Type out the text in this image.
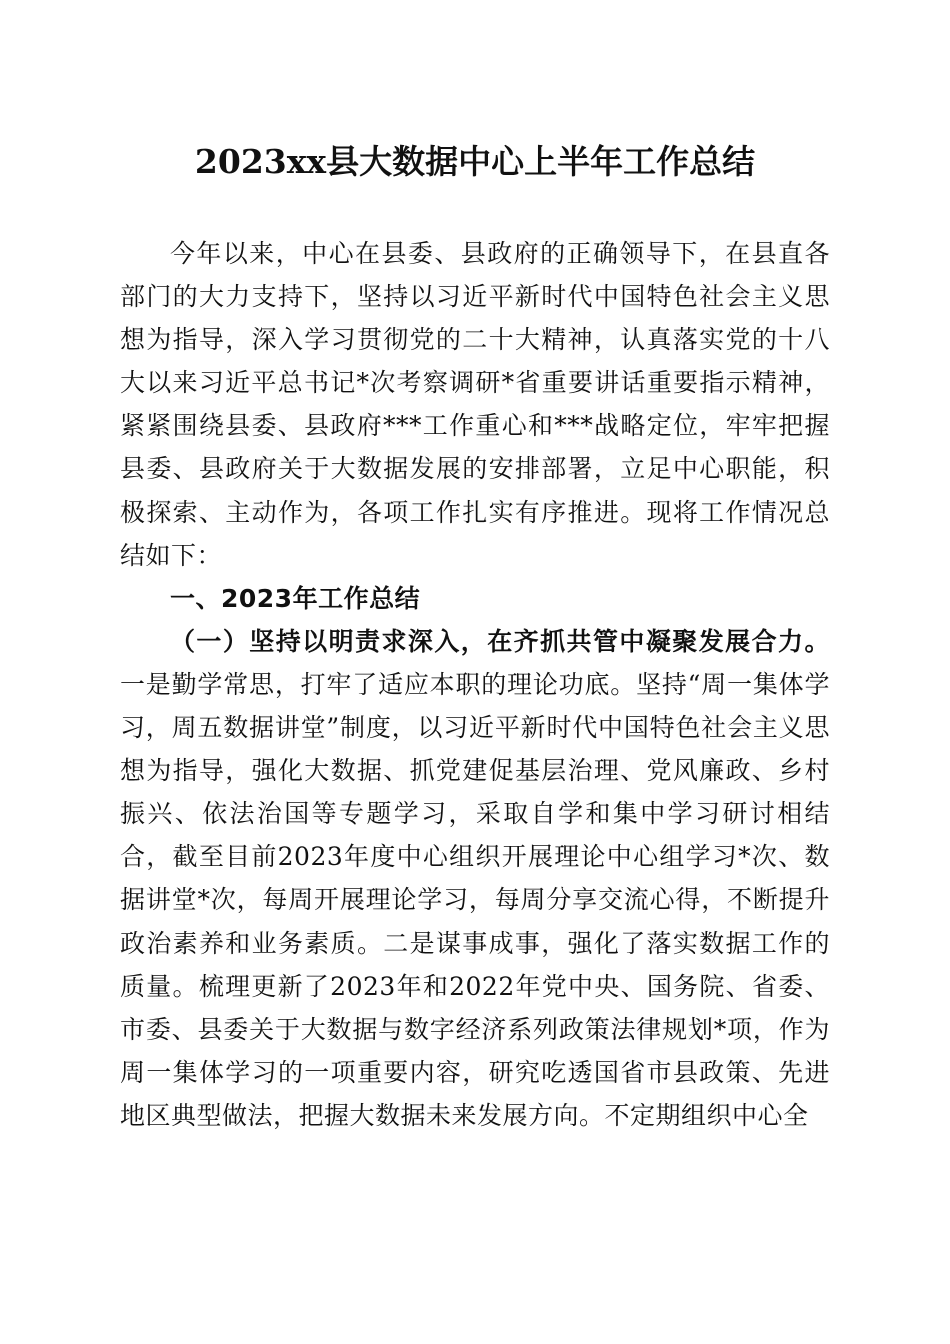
2023xx县大数据中心上半年工作总结

今年以来，中心在县委、县政府的正确领导下，在县直各部门的大力支持下，坚持以习近平新时代中国特色社会主义思想为指导，深入学习贯彻党的二十大精神，认真落实党的十八大以来习近平总书记*次考察调研*省重要讲话重要指示精神，紧紧围绕县委、县政府***工作重心和***战略定位，牢牢把握县委、县政府关于大数据发展的安排部署，立足中心职能，积极探索、主动作为，各项工作扎实有序推进。现将工作情况总结如下：

一、2023年工作总结

（一）坚持以明责求深入，在齐抓共管中凝聚发展合力。一是勤学常思，打牢了适应本职的理论功底。坚持“周一集体学习，周五数据讲堂”制度，以习近平新时代中国特色社会主义思想为指导，强化大数据、抓党建促基层治理、党风廉政、乡村振兴、依法治国等专题学习，采取自学和集中学习研讨相结合，截至目前2023年度中心组织开展理论中心组学习*次、数据讲堂*次，每周开展理论学习，每周分享交流心得，不断提升政治素养和业务素质。二是谋事成事，强化了落实数据工作的质量。梳理更新了2023年和2022年党中央、国务院、省委、市委、县委关于大数据与数字经济系列政策法律规划*项，作为周一集体学习的一项重要内容，研究吃透国省市县政策、先进地区典型做法，把握大数据未来发展方向。不定期组织中心全
